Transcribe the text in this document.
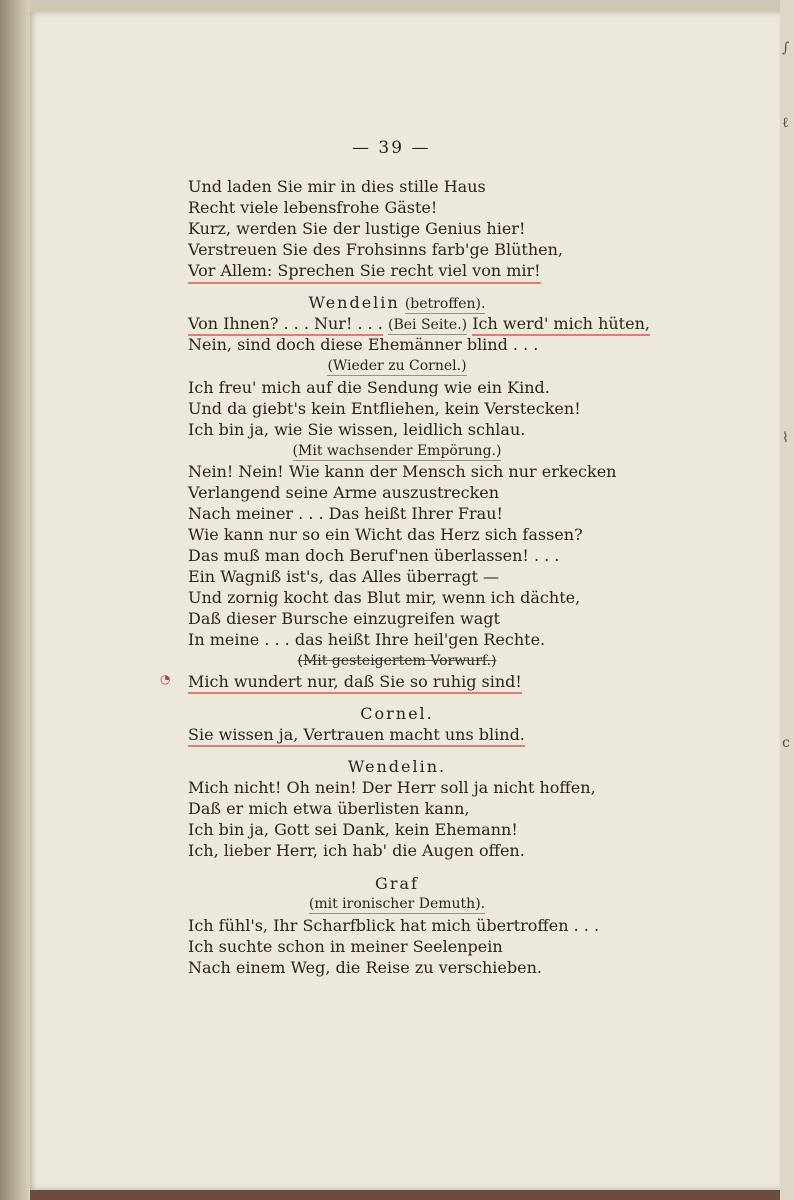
— 39 —
Und laden Sie mir in dies stille Haus
Recht viele lebensfrohe Gäste!
Kurz, werden Sie der lustige Genius hier!
Verstreuen Sie des Frohsinns farb'ge Blüthen,
Vor Allem: Sprechen Sie recht viel von mir!
Wendelin (betroffen).
Von Ihnen? . . . Nur! . . . (Bei Seite.) Ich werd' mich hüten,
Nein, sind doch diese Ehemänner blind . . .
(Wieder zu Cornel.)
Ich freu' mich auf die Sendung wie ein Kind.
Und da giebt's kein Entfliehen, kein Verstecken!
Ich bin ja, wie Sie wissen, leidlich schlau.
(Mit wachsender Empörung.)
Nein! Nein! Wie kann der Mensch sich nur erkecken
Verlangend seine Arme auszustrecken
Nach meiner . . . Das heißt Ihrer Frau!
Wie kann nur so ein Wicht das Herz sich fassen?
Das muß man doch Beruf'nen überlassen! . . .
Ein Wagniß ist's, das Alles überragt —
Und zornig kocht das Blut mir, wenn ich dächte,
Daß dieser Bursche einzugreifen wagt
In meine . . . das heißt Ihre heil'gen Rechte.
(Mit gesteigertem Vorwurf.)
◔ Mich wundert nur, daß Sie so ruhig sind!
Cornel.
Sie wissen ja, Vertrauen macht uns blind.
Wendelin.
Mich nicht! Oh nein! Der Herr soll ja nicht hoffen,
Daß er mich etwa überlisten kann,
Ich bin ja, Gott sei Dank, kein Ehemann!
Ich, lieber Herr, ich hab' die Augen offen.
Graf
(mit ironischer Demuth).
Ich fühl's, Ihr Scharfblick hat mich übertroffen . . .
Ich suchte schon in meiner Seelenpein
Nach einem Weg, die Reise zu verschieben.
∫
ℓ
⌇
c
